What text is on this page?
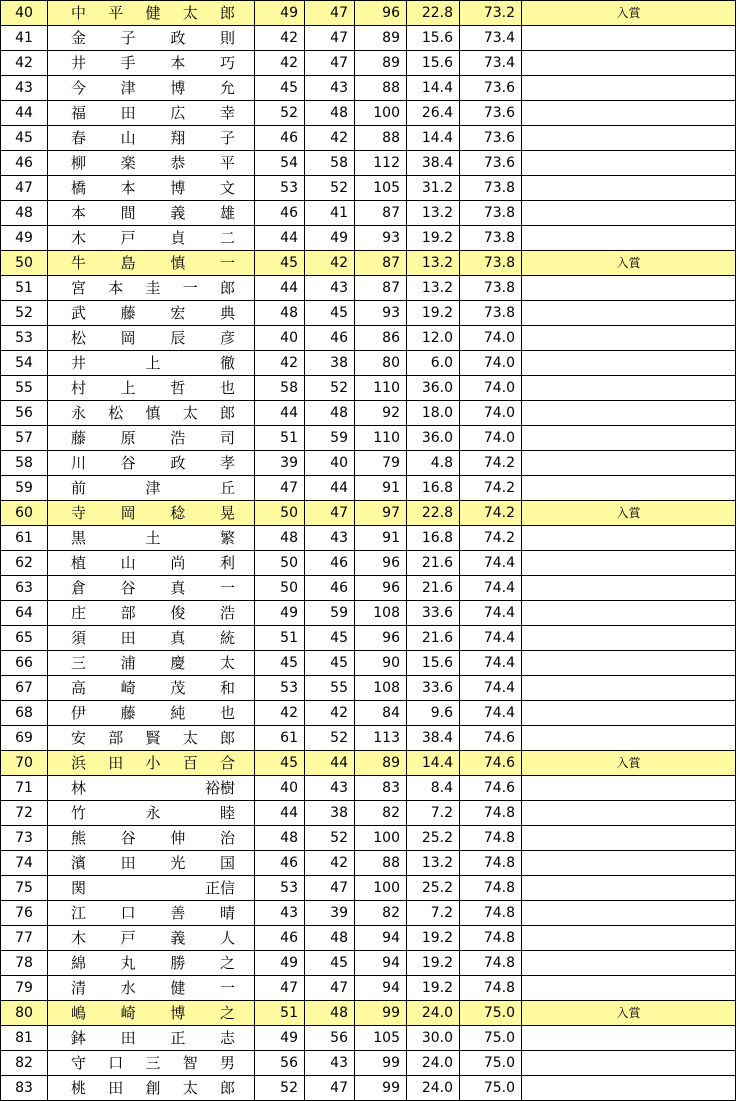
40	中 平 健 太 郎	49	47	96	22.8	73.2	入賞
41	金 子 政 則	42	47	89	15.6	73.4	
42	井 手 本 巧	42	47	89	15.6	73.4	
43	今 津 博 允	45	43	88	14.4	73.6	
44	福 田 広 幸	52	48	100	26.4	73.6	
45	春 山 翔 子	46	42	88	14.4	73.6	
46	柳 楽 恭 平	54	58	112	38.4	73.6	
47	橋 本 博 文	53	52	105	31.2	73.8	
48	本 間 義 雄	46	41	87	13.2	73.8	
49	木 戸 貞 二	44	49	93	19.2	73.8	
50	牛 島 慎 一	45	42	87	13.2	73.8	入賞
51	宮 本 圭 一 郎	44	43	87	13.2	73.8	
52	武 藤 宏 典	48	45	93	19.2	73.8	
53	松 岡 辰 彦	40	46	86	12.0	74.0	
54	井 上 徹	42	38	80	6.0	74.0	
55	村 上 哲 也	58	52	110	36.0	74.0	
56	永 松 慎 太 郎	44	48	92	18.0	74.0	
57	藤 原 浩 司	51	59	110	36.0	74.0	
58	川 谷 政 孝	39	40	79	4.8	74.2	
59	前 津 丘	47	44	91	16.8	74.2	
60	寺 岡 稔 晃	50	47	97	22.8	74.2	入賞
61	黒 土 繁	48	43	91	16.8	74.2	
62	植 山 尚 利	50	46	96	21.6	74.4	
63	倉 谷 真 一	50	46	96	21.6	74.4	
64	庄 部 俊 浩	49	59	108	33.6	74.4	
65	須 田 真 統	51	45	96	21.6	74.4	
66	三 浦 慶 太	45	45	90	15.6	74.4	
67	高 崎 茂 和	53	55	108	33.6	74.4	
68	伊 藤 純 也	42	42	84	9.6	74.4	
69	安 部 賢 太 郎	61	52	113	38.4	74.6	
70	浜 田 小 百 合	45	44	89	14.4	74.6	入賞
71	林 裕樹	40	43	83	8.4	74.6	
72	竹 永 睦	44	38	82	7.2	74.8	
73	熊 谷 伸 治	48	52	100	25.2	74.8	
74	濱 田 光 国	46	42	88	13.2	74.8	
75	関 正信	53	47	100	25.2	74.8	
76	江 口 善 晴	43	39	82	7.2	74.8	
77	木 戸 義 人	46	48	94	19.2	74.8	
78	綿 丸 勝 之	49	45	94	19.2	74.8	
79	清 水 健 一	47	47	94	19.2	74.8	
80	嶋 崎 博 之	51	48	99	24.0	75.0	入賞
81	鉢 田 正 志	49	56	105	30.0	75.0	
82	守 口 三 智 男	56	43	99	24.0	75.0	
83	桃 田 創 太 郎	52	47	99	24.0	75.0	
